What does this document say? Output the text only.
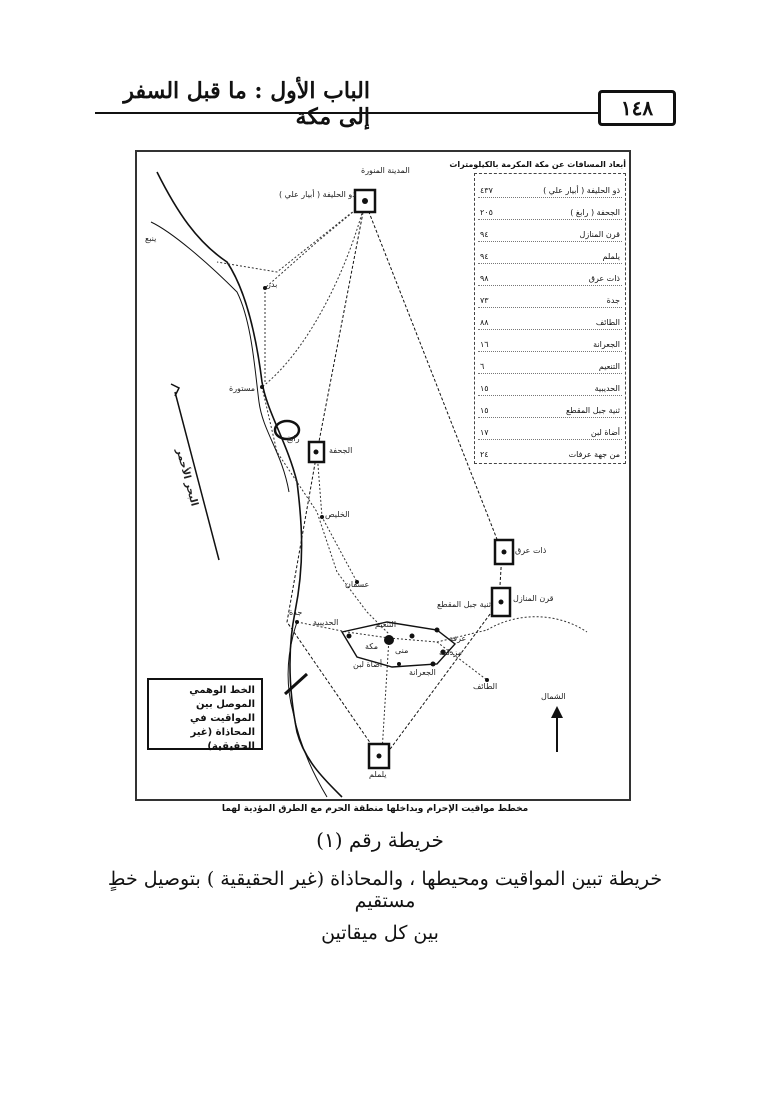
الباب الأول : ما قبل السفر إلى مكة	١٤٨
المدينة المنورة
ذو الحليفة ( أبيار علي )
ينبع
بدر
مستورة
رابغ
الجحفة
الخليص
ذات عرق
قرن المنازل
عسفان
ثنية جبل المقطع
التنعيم
الحديبية
جدة
مكة منى
عرفة
مزدلفة
أضاة لبن
الجعرانة
الطائف
يلملم
الشمال
البحر الأحمر
أبعاد المسافات عن مكة المكرمة بالكيلومترات
ذو الحليفة ( أبيار علي )
٤٣٧
الجحفة ( رابغ )
٢٠٥
قرن المنازل
٩٤
يلملم
٩٤
ذات عرق
٩٨
جدة
٧٣
الطائف
٨٨
الجعرانة
١٦
التنعيم
٦
الحديبية
١٥
ثنية جبل المقطع
١٥
أضاة لبن
١٧
من جهة عرفات
٢٤
الخط الوهمي الموصل بين المواقيت في المحاذاة (غير الحقيقية)
مخطط مواقيت الإحرام وبداخلها منطقة الحرم مع الطرق المؤدية لهما
خريطة رقم (١)
خريطة تبين المواقيت ومحيطها ، والمحاذاة (غير الحقيقية ) بتوصيل خطٍ مستقيم
بين كل ميقاتين
